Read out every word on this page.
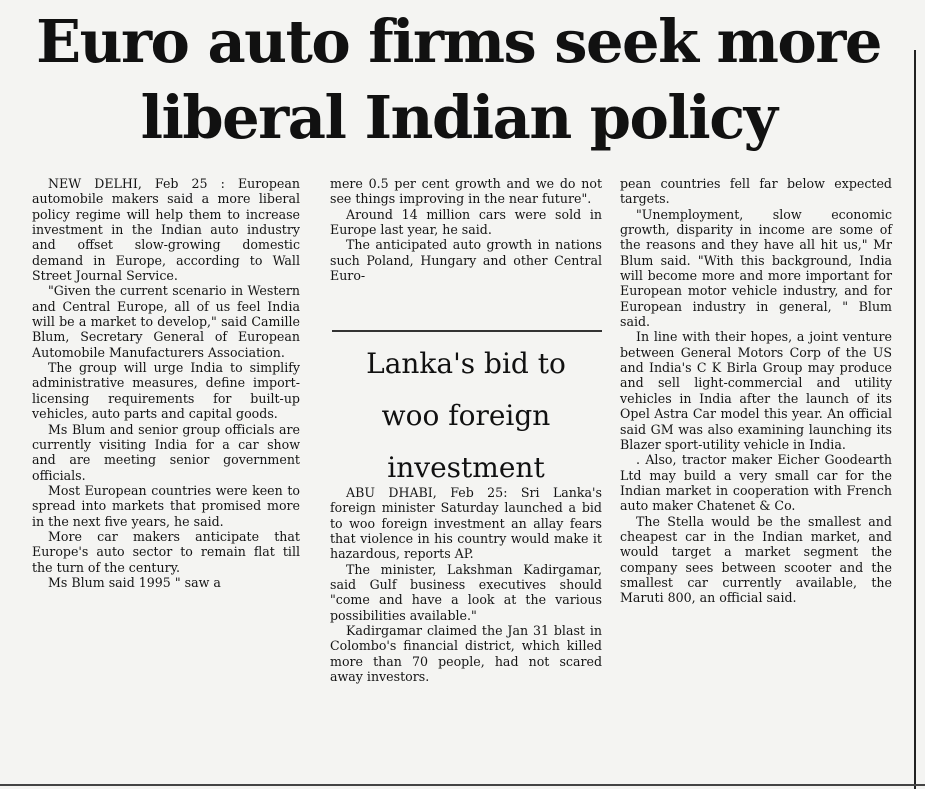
Euro auto firms seek more
liberal Indian policy

NEW DELHI, Feb 25 : European automobile makers said a more liberal policy regime will help them to increase investment in the Indian auto industry and offset slow-growing domestic demand in Europe, according to Wall Street Journal Service.

"Given the current scenario in Western and Central Europe, all of us feel India will be a market to develop," said Camille Blum, Secretary General of European Automobile Manufacturers Association.

The group will urge India to simplify administrative measures, define import-licensing requirements for built-up vehicles, auto parts and capital goods.

Ms Blum and senior group officials are currently visiting India for a car show and are meeting senior government officials.

Most European countries were keen to spread into markets that promised more in the next five years, he said.

More car makers anticipate that Europe's auto sector to remain flat till the turn of the century.

Ms Blum said 1995 " saw a

mere 0.5 per cent growth and we do not see things improving in the near future".

Around 14 million cars were sold in Europe last year, he said.

The anticipated auto growth in nations such Poland, Hungary and other Central Euro-

Lanka's bid to
woo foreign
investment

ABU DHABI, Feb 25: Sri Lanka's foreign minister Saturday launched a bid to woo foreign investment an allay fears that violence in his country would make it hazardous, reports AP.

The minister, Lakshman Kadirgamar, said Gulf business executives should "come and have a look at the various possibilities available."

Kadirgamar claimed the Jan 31 blast in Colombo's financial district, which killed more than 70 people, had not scared away investors.

pean countries fell far below expected targets.

"Unemployment, slow economic growth, disparity in income are some of the reasons and they have all hit us," Mr Blum said. "With this background, India will become more and more important for European motor vehicle industry, and for European industry in general, " Blum said.

In line with their hopes, a joint venture between General Motors Corp of the US and India's C K Birla Group may produce and sell light-commercial and utility vehicles in India after the launch of its Opel Astra Car model this year. An official said GM was also examining launching its Blazer sport-utility vehicle in India.

. Also, tractor maker Eicher Goodearth Ltd may build a very small car for the Indian market in cooperation with French auto maker Chatenet & Co.

The Stella would be the smallest and cheapest car in the Indian market, and would target a market segment the company sees between scooter and the smallest car currently available, the Maruti 800, an official said.
